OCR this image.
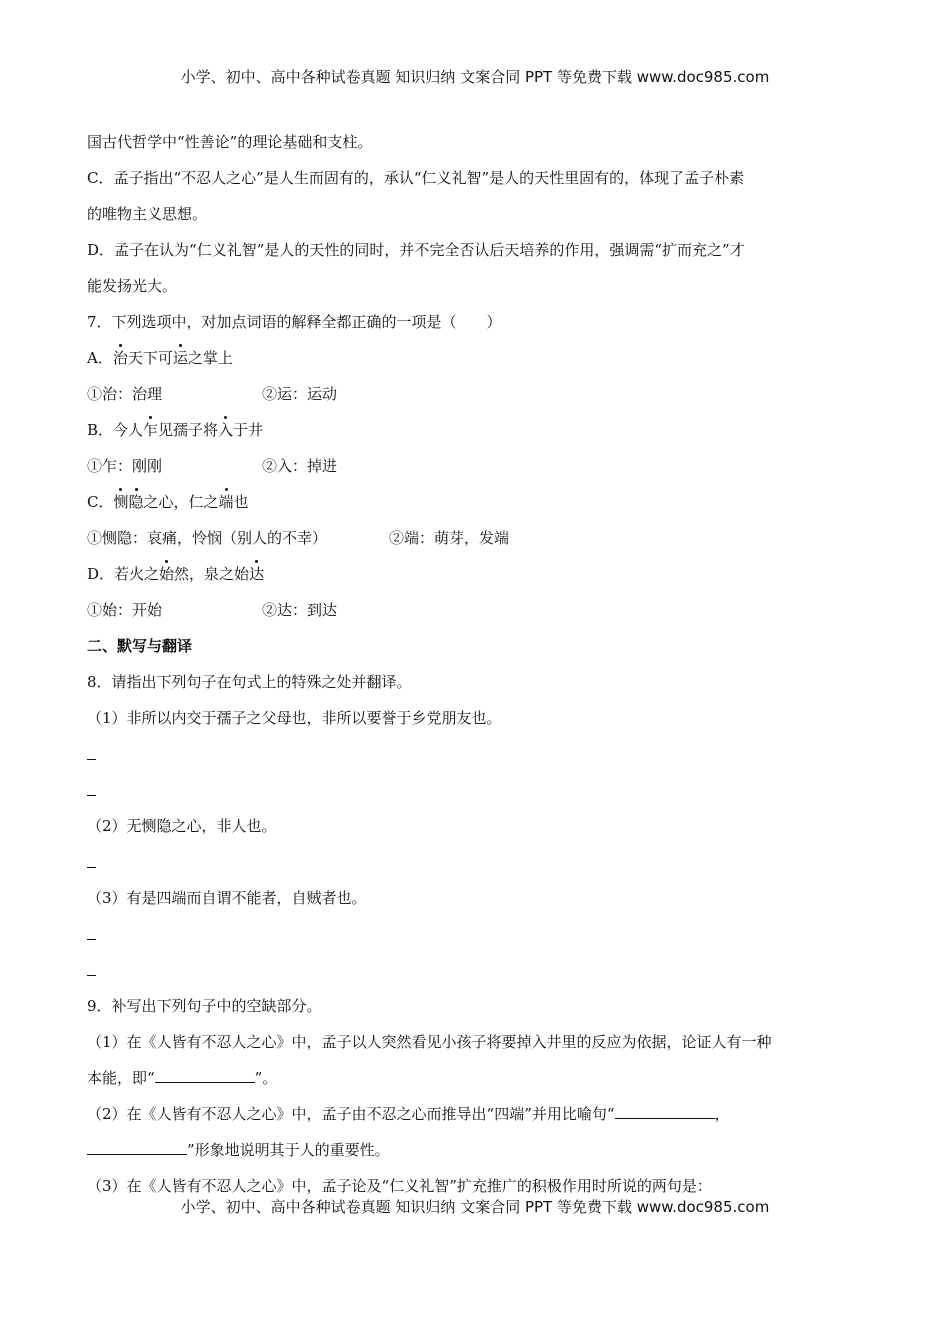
小学、初中、高中各种试卷真题 知识归纳 文案合同 PPT 等免费下载 www.doc985.com
国古代哲学中“性善论”的理论基础和支柱。
C．孟子指出“不忍人之心”是人生而固有的，承认“仁义礼智”是人的天性里固有的，体现了孟子朴素
的唯物主义思想。
D．孟子在认为“仁义礼智”是人的天性的同时，并不完全否认后天培养的作用，强调需“扩而充之”才
能发扬光大。
7．下列选项中，对加点词语的解释全都正确的一项是（　　）
A．治天下可运之掌上
①治：治理	②运：运动
B．今人乍见孺子将入于井
①乍：刚刚	②入：掉进
C．恻隐之心，仁之端也
①恻隐：哀痛，怜悯（别人的不幸）	②端：萌芽，发端
D．若火之始然，泉之始达
①始：开始	②达：到达
二、默写与翻译
8．请指出下列句子在句式上的特殊之处并翻译。
（1）非所以内交于孺子之父母也，非所以要誉于乡党朋友也。
（2）无恻隐之心，非人也。
（3）有是四端而自谓不能者，自贼者也。
9．补写出下列句子中的空缺部分。
（1）在《人皆有不忍人之心》中，孟子以人突然看见小孩子将要掉入井里的反应为依据，论证人有一种
本能，即“	”。
（2）在《人皆有不忍人之心》中，孟子由不忍之心而推导出“四端”并用比喻句“	，
”形象地说明其于人的重要性。
（3）在《人皆有不忍人之心》中，孟子论及“仁义礼智”扩充推广的积极作用时所说的两句是：
小学、初中、高中各种试卷真题 知识归纳 文案合同 PPT 等免费下载 www.doc985.com
